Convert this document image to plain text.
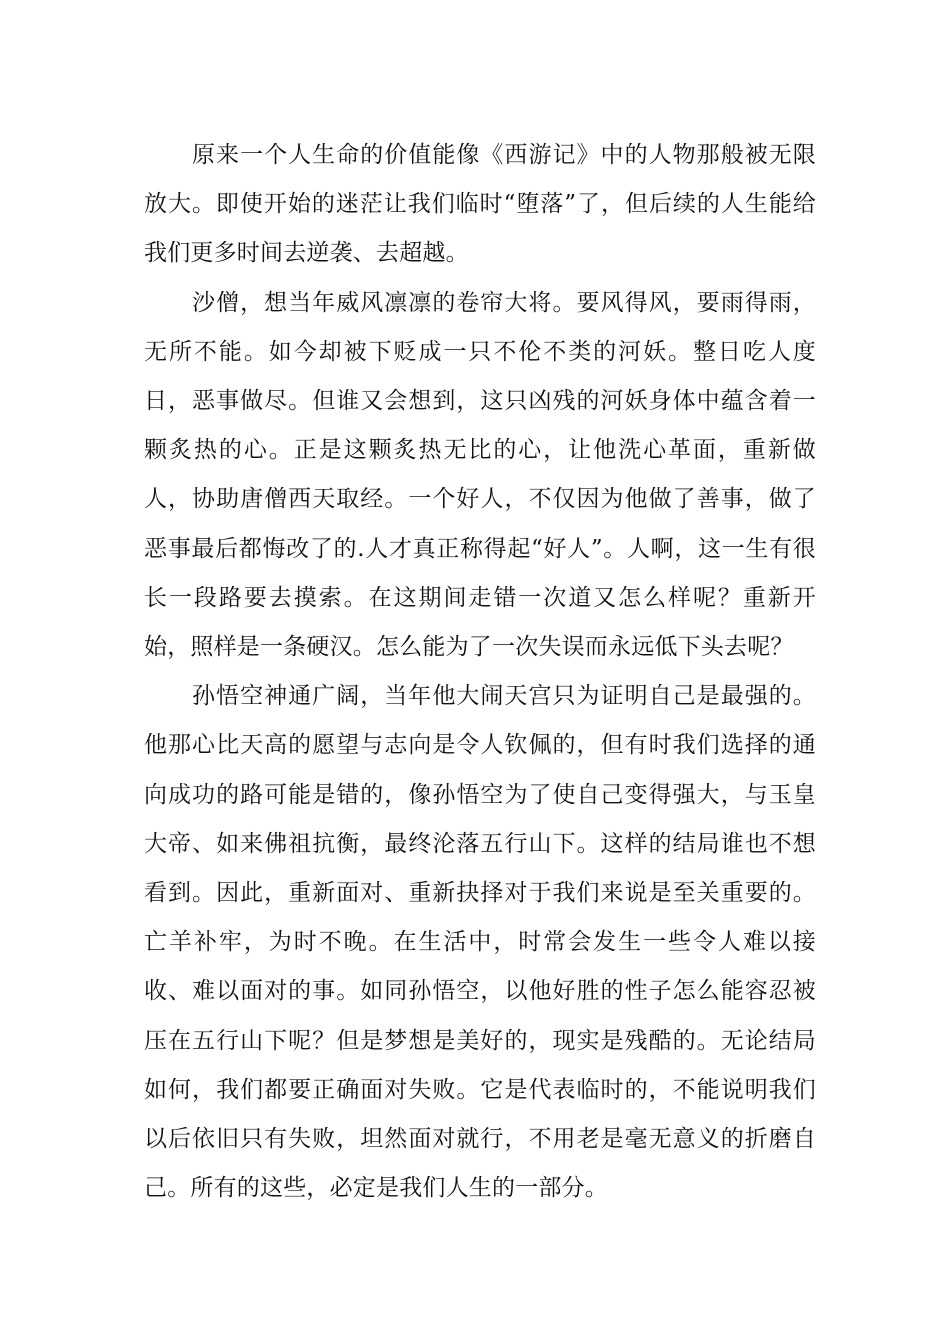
原来一个人生命的价值能像《西游记》中的人物那般被无限放大。即使开始的迷茫让我们临时“堕落”了，但后续的人生能给我们更多时间去逆袭、去超越。

沙僧，想当年威风凛凛的卷帘大将。要风得风，要雨得雨，无所不能。如今却被下贬成一只不伦不类的河妖。整日吃人度日，恶事做尽。但谁又会想到，这只凶残的河妖身体中蕴含着一颗炙热的心。正是这颗炙热无比的心，让他洗心革面，重新做人，协助唐僧西天取经。一个好人，不仅因为他做了善事，做了恶事最后都悔改了的.人才真正称得起“好人”。人啊，这一生有很长一段路要去摸索。在这期间走错一次道又怎么样呢？重新开始，照样是一条硬汉。怎么能为了一次失误而永远低下头去呢？

孙悟空神通广阔，当年他大闹天宫只为证明自己是最强的。他那心比天高的愿望与志向是令人钦佩的，但有时我们选择的通向成功的路可能是错的，像孙悟空为了使自己变得强大，与玉皇大帝、如来佛祖抗衡，最终沦落五行山下。这样的结局谁也不想看到。因此，重新面对、重新抉择对于我们来说是至关重要的。亡羊补牢，为时不晚。在生活中，时常会发生一些令人难以接收、难以面对的事。如同孙悟空，以他好胜的性子怎么能容忍被压在五行山下呢？但是梦想是美好的，现实是残酷的。无论结局如何，我们都要正确面对失败。它是代表临时的，不能说明我们以后依旧只有失败，坦然面对就行，不用老是毫无意义的折磨自己。所有的这些，必定是我们人生的一部分。
